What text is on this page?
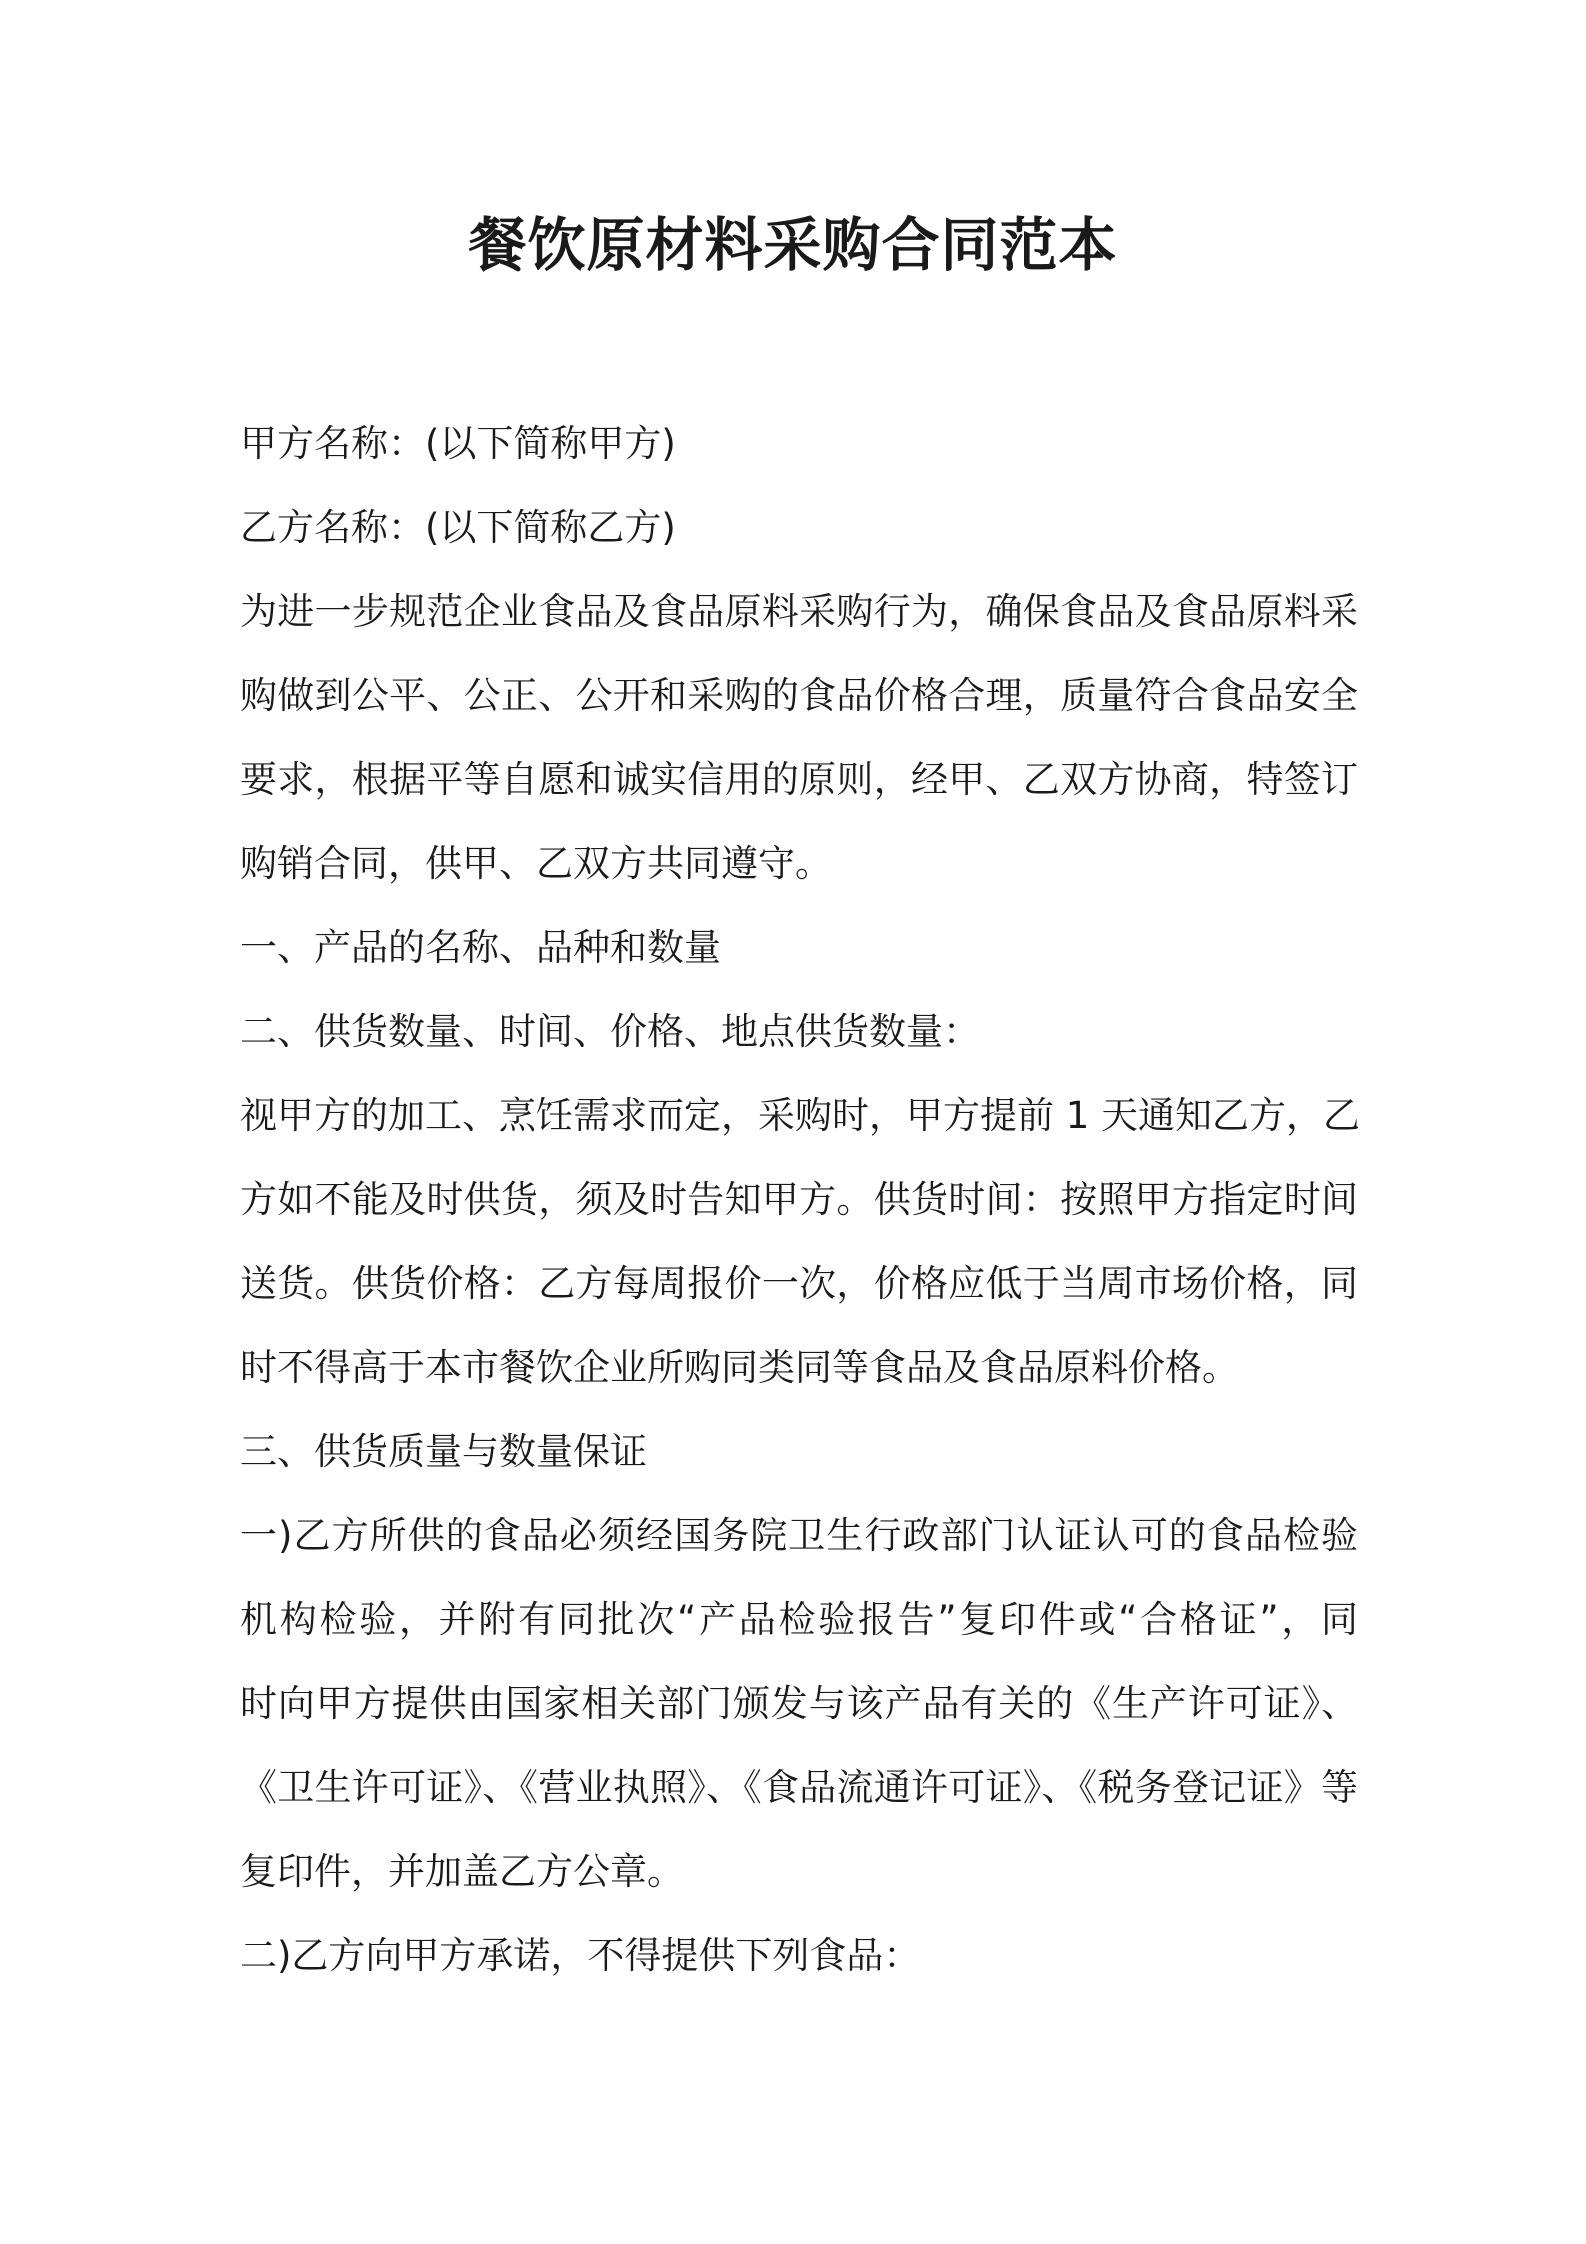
餐饮原材料采购合同范本

甲方名称：(以下简称甲方)

乙方名称：(以下简称乙方)

为进一步规范企业食品及食品原料采购行为，确保食品及食品原料采

购做到公平、公正、公开和采购的食品价格合理，质量符合食品安全

要求，根据平等自愿和诚实信用的原则，经甲、乙双方协商，特签订

购销合同，供甲、乙双方共同遵守。

一、产品的名称、品种和数量

二、供货数量、时间、价格、地点供货数量：

视甲方的加工、烹饪需求而定，采购时，甲方提前 1 天通知乙方，乙

方如不能及时供货，须及时告知甲方。供货时间：按照甲方指定时间

送货。供货价格：乙方每周报价一次，价格应低于当周市场价格，同

时不得高于本市餐饮企业所购同类同等食品及食品原料价格。

三、供货质量与数量保证

一)乙方所供的食品必须经国务院卫生行政部门认证认可的食品检验

机构检验，并附有同批次“产品检验报告”复印件或“合格证”，同

时向甲方提供由国家相关部门颁发与该产品有关的《生产许可证》、

《卫生许可证》、《营业执照》、《食品流通许可证》、《税务登记证》等

复印件，并加盖乙方公章。

二)乙方向甲方承诺，不得提供下列食品：
